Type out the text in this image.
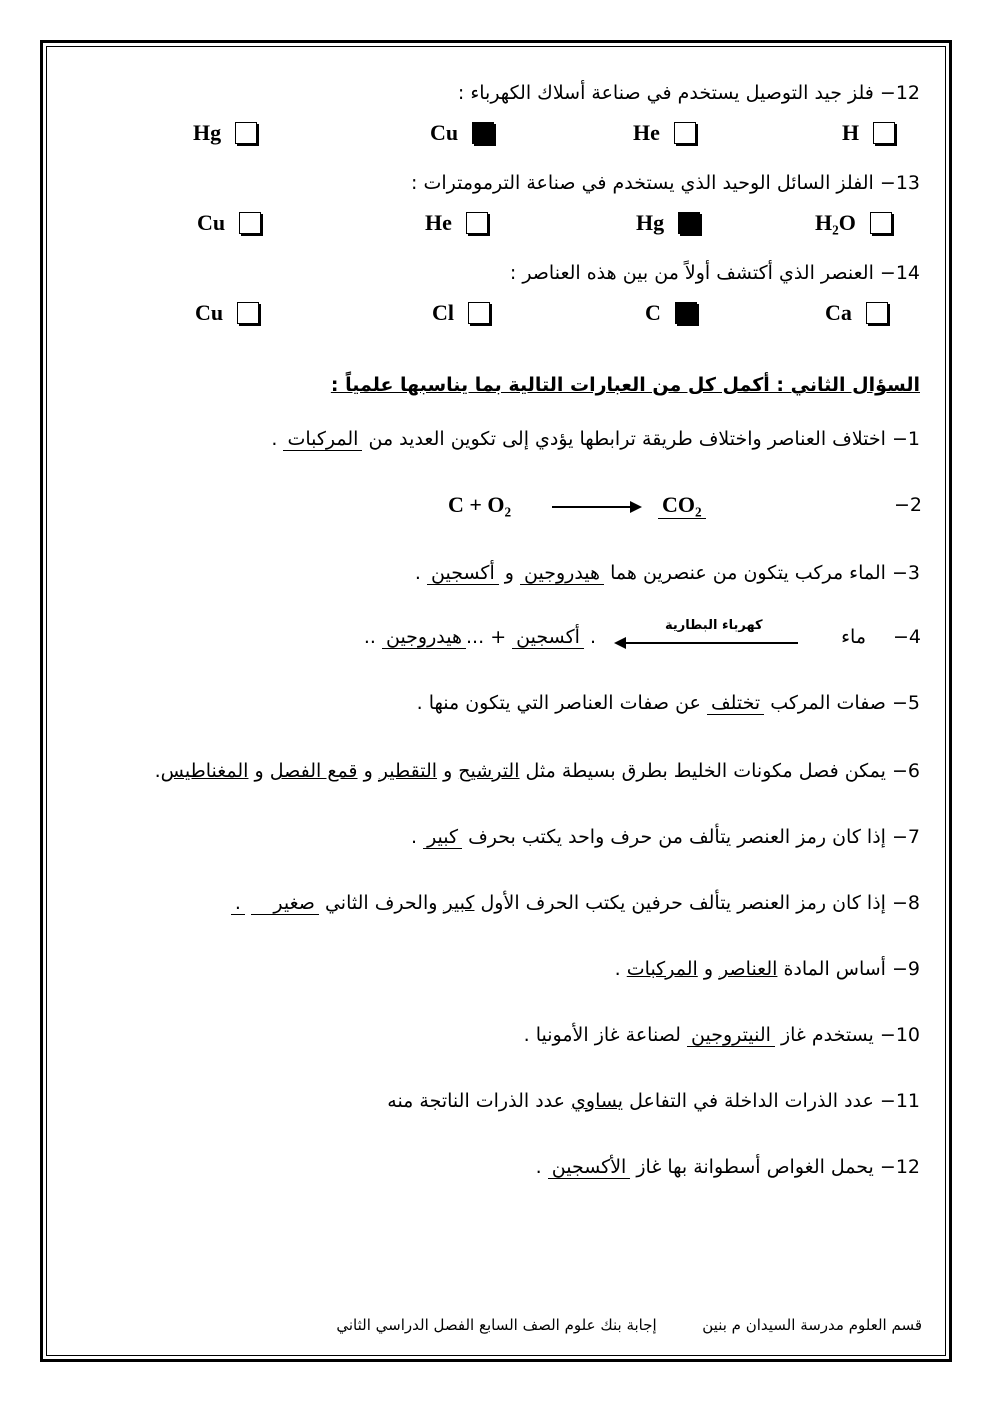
12− فلز جيد التوصيل يستخدم في صناعة أسلاك الكهرباء :
H
He
Cu
Hg
13− الفلز السائل الوحيد الذي يستخدم في صناعة الترمومترات :
H₂O
Hg
He
Cu
14− العنصر الذي أكتشف أولاً من بين هذه العناصر :
Ca
C
Cl
Cu
السؤال الثاني : أكمل كل من العبارات التالية بما يناسبها علمياً :
1− اختلاف العناصر واختلاف طريقة ترابطها يؤدي إلى تكوين العديد من المركبات .
−2
C + O₂	CO₂
3− الماء مركب يتكون من عنصرين هما هيدروجين و أكسجين .
−4
ماء
كهرباء البطارية
.. هيدروجين ... + أكسجين .
5− صفات المركب تختلف عن صفات العناصر التي يتكون منها .
6− يمكن فصل مكونات الخليط بطرق بسيطة مثل الترشيح و التقطير و قمع الفصل و المغناطيس.
7− إذا كان رمز العنصر يتألف من حرف واحد يكتب بحرف كبير .
8− إذا كان رمز العنصر يتألف حرفين يكتب الحرف الأول كبير والحرف الثاني صغير .
9− أساس المادة العناصر و المركبات .
10− يستخدم غاز النيتروجين لصناعة غاز الأمونيا .
11− عدد الذرات الداخلة في التفاعل يساوي عدد الذرات الناتجة منه
12− يحمل الغواص أسطوانة بها غاز الأكسجين .
قسم العلوم مدرسة السيدان م بنين  إجابة بنك علوم الصف السابع الفصل الدراسي الثاني
